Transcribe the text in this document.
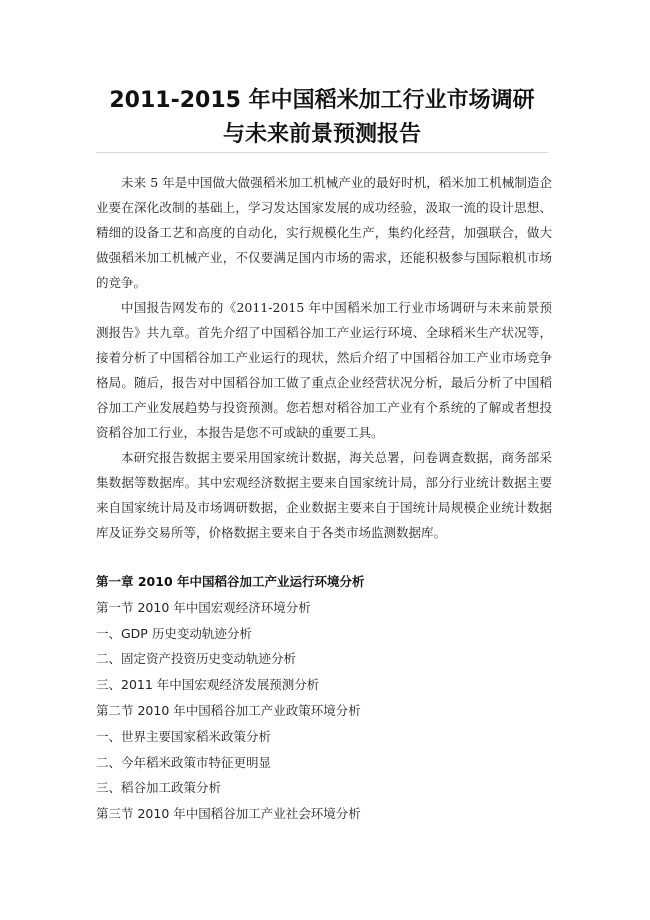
2011-2015 年中国稻米加工行业市场调研
与未来前景预测报告

未来 5 年是中国做大做强稻米加工机械产业的最好时机，稻米加工机械制造企业要在深化改制的基础上，学习发达国家发展的成功经验，汲取一流的设计思想、精细的设备工艺和高度的自动化，实行规模化生产，集约化经营，加强联合，做大做强稻米加工机械产业，不仅要满足国内市场的需求，还能积极参与国际粮机市场的竞争。

中国报告网发布的《2011-2015 年中国稻米加工行业市场调研与未来前景预测报告》共九章。首先介绍了中国稻谷加工产业运行环境、全球稻米生产状况等，接着分析了中国稻谷加工产业运行的现状，然后介绍了中国稻谷加工产业市场竞争格局。随后，报告对中国稻谷加工做了重点企业经营状况分析，最后分析了中国稻谷加工产业发展趋势与投资预测。您若想对稻谷加工产业有个系统的了解或者想投资稻谷加工行业，本报告是您不可或缺的重要工具。

本研究报告数据主要采用国家统计数据，海关总署，问卷调查数据，商务部采集数据等数据库。其中宏观经济数据主要来自国家统计局，部分行业统计数据主要来自国家统计局及市场调研数据，企业数据主要来自于国统计局规模企业统计数据库及证券交易所等，价格数据主要来自于各类市场监测数据库。

第一章 2010 年中国稻谷加工产业运行环境分析
第一节 2010 年中国宏观经济环境分析
一、GDP 历史变动轨迹分析
二、固定资产投资历史变动轨迹分析
三、2011 年中国宏观经济发展预测分析
第二节 2010 年中国稻谷加工产业政策环境分析
一、世界主要国家稻米政策分析
二、今年稻米政策市特征更明显
三、稻谷加工政策分析
第三节 2010 年中国稻谷加工产业社会环境分析
